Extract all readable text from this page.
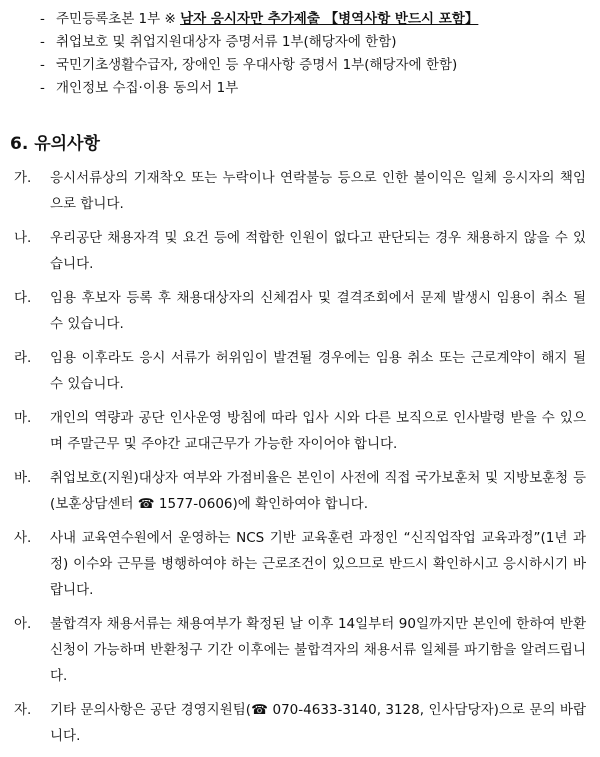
- 주민등록초본 1부 ※ 남자 응시자만 추가제출 【병역사항 반드시 포함】
- 취업보호 및 취업지원대상자 증명서류 1부(해당자에 한함)
- 국민기초생활수급자, 장애인 등 우대사항 증명서 1부(해당자에 한함)
- 개인정보 수집·이용 동의서 1부
6. 유의사항
가.	응시서류상의 기재착오 또는 누락이나 연락불능 등으로 인한 불이익은 일체 응시자의 책임으로 합니다.
나.	우리공단 채용자격 및 요건 등에 적합한 인원이 없다고 판단되는 경우 채용하지 않을 수 있습니다.
다.	임용 후보자 등록 후 채용대상자의 신체검사 및 결격조회에서 문제 발생시 임용이 취소 될 수 있습니다.
라.	임용 이후라도 응시 서류가 허위임이 발견될 경우에는 임용 취소 또는 근로계약이 해지 될 수 있습니다.
마.	개인의 역량과 공단 인사운영 방침에 따라 입사 시와 다른 보직으로 인사발령 받을 수 있으며 주말근무 및 주야간 교대근무가 가능한 자이어야 합니다.
바.	취업보호(지원)대상자 여부와 가점비율은 본인이 사전에 직접 국가보훈처 및 지방보훈청 등(보훈상담센터 ☎ 1577-0606)에 확인하여야 합니다.
사.	사내 교육연수원에서 운영하는 NCS 기반 교육훈련 과정인 “신직업작업 교육과정”(1년 과정) 이수와 근무를 병행하여야 하는 근로조건이 있으므로 반드시 확인하시고 응시하시기 바랍니다.
아.	불합격자 채용서류는 채용여부가 확정된 날 이후 14일부터 90일까지만 본인에 한하여 반환신청이 가능하며 반환청구 기간 이후에는 불합격자의 채용서류 일체를 파기함을 알려드립니다.
자.	기타 문의사항은 공단 경영지원팀(☎ 070-4633-3140, 3128, 인사담당자)으로 문의 바랍니다.
